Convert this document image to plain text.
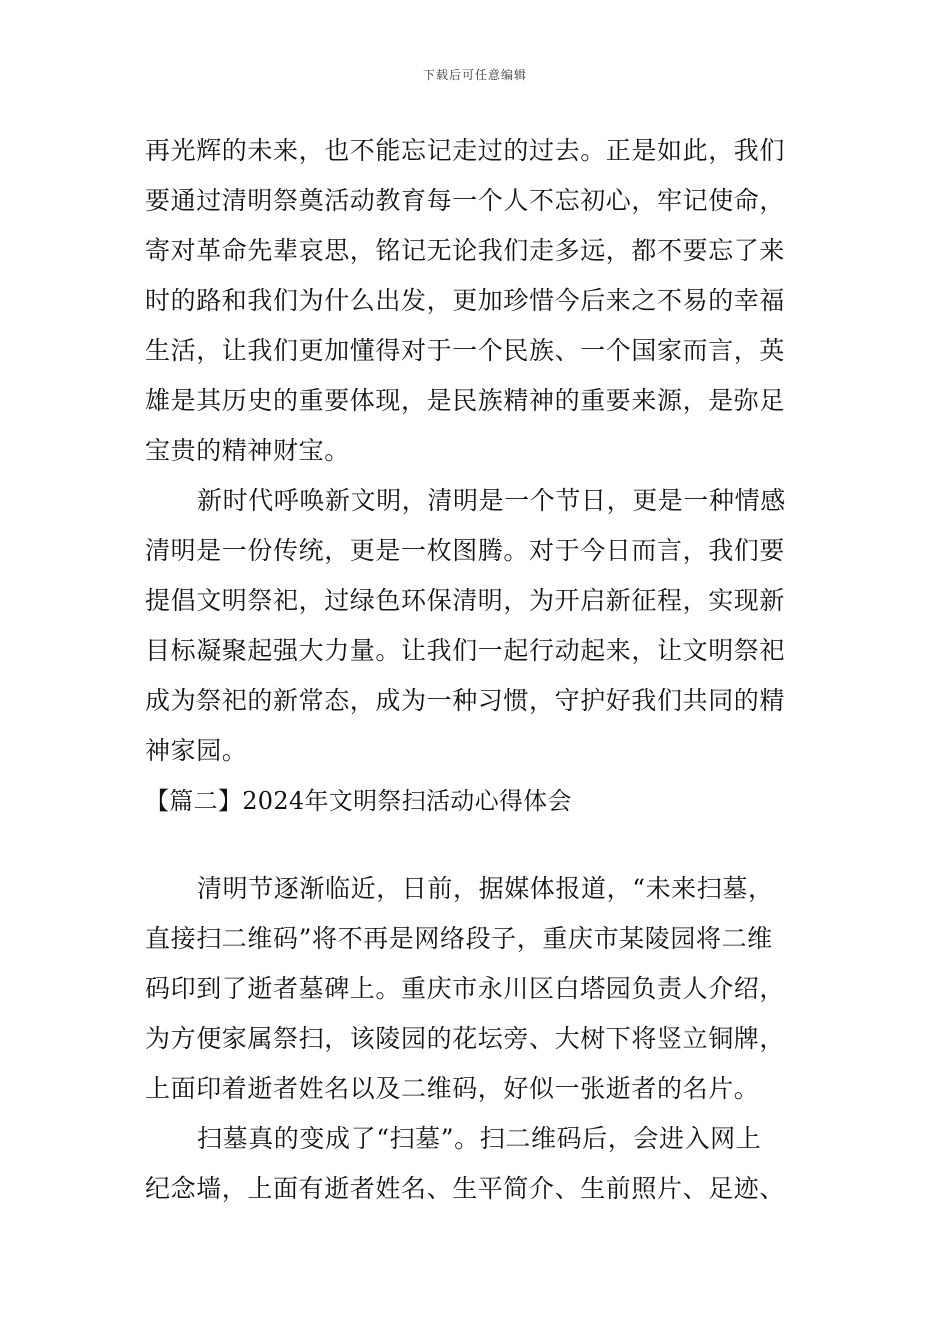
下载后可任意编辑
再光辉的未来，也不能忘记走过的过去。正是如此，我们
要通过清明祭奠活动教育每一个人不忘初心，牢记使命，
寄对革命先辈哀思，铭记无论我们走多远，都不要忘了来
时的路和我们为什么出发，更加珍惜今后来之不易的幸福
生活，让我们更加懂得对于一个民族、一个国家而言，英
雄是其历史的重要体现，是民族精神的重要来源，是弥足
宝贵的精神财宝。
新时代呼唤新文明，清明是一个节日，更是一种情感
清明是一份传统，更是一枚图腾。对于今日而言，我们要
提倡文明祭祀，过绿色环保清明，为开启新征程，实现新
目标凝聚起强大力量。让我们一起行动起来，让文明祭祀
成为祭祀的新常态，成为一种习惯，守护好我们共同的精
神家园。
【篇二】2024年文明祭扫活动心得体会
清明节逐渐临近，日前，据媒体报道，“未来扫墓，
直接扫二维码”将不再是网络段子，重庆市某陵园将二维
码印到了逝者墓碑上。重庆市永川区白塔园负责人介绍，
为方便家属祭扫，该陵园的花坛旁、大树下将竖立铜牌，
上面印着逝者姓名以及二维码，好似一张逝者的名片。
扫墓真的变成了“扫墓”。扫二维码后，会进入网上
纪念墙，上面有逝者姓名、生平简介、生前照片、足迹、
